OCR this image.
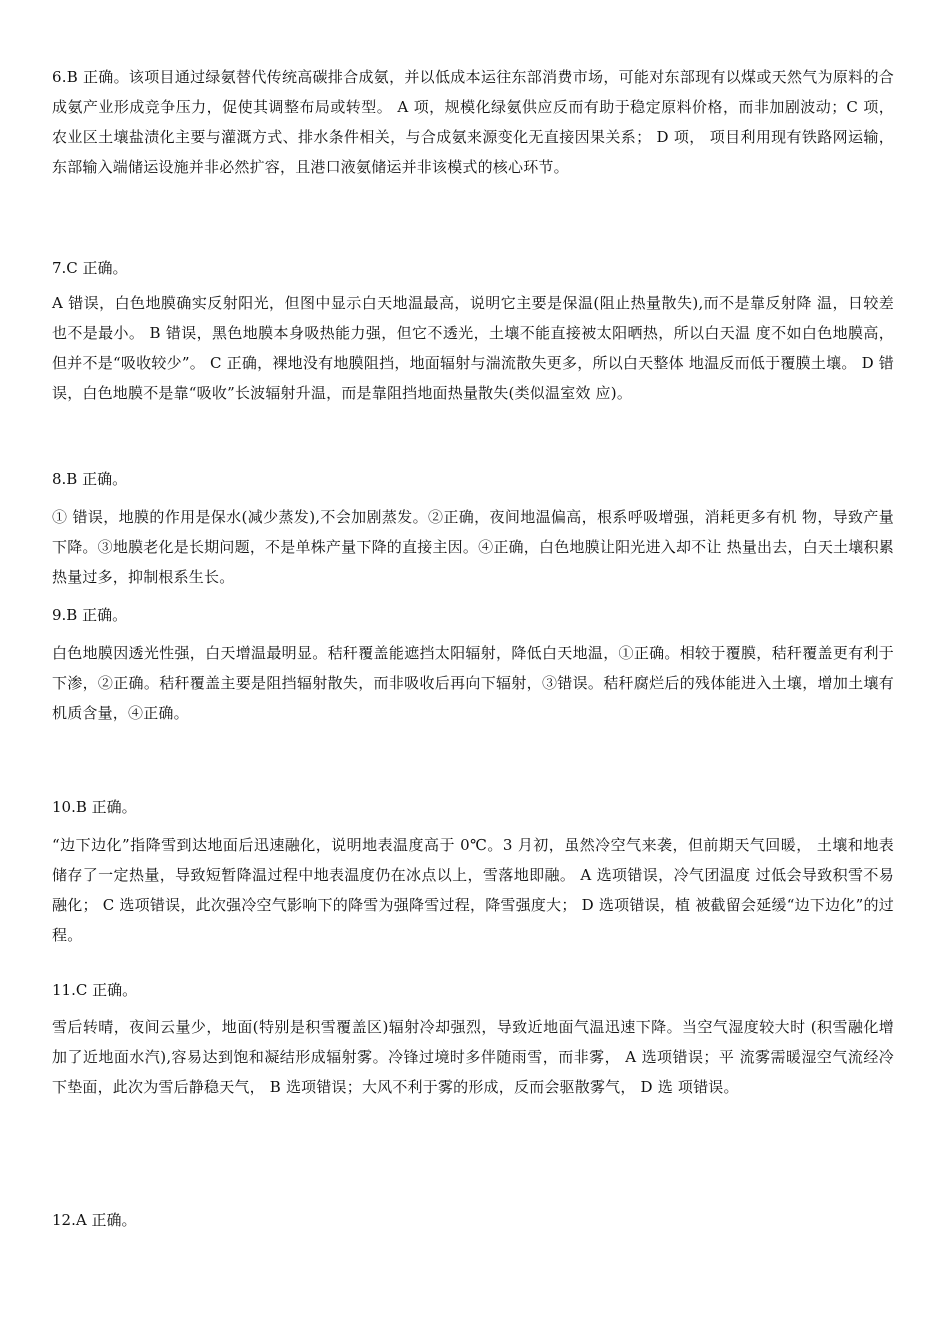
6.B 正确。该项目通过绿氨替代传统高碳排合成氨，并以低成本运往东部消费市场，可能对东部现有以煤或天然气为原料的合成氨产业形成竞争压力，促使其调整布局或转型。 A 项，规模化绿氨供应反而有助于稳定原料价格，而非加剧波动；C 项，农业区土壤盐渍化主要与灌溉方式、排水条件相关，与合成氨来源变化无直接因果关系； D 项， 项目利用现有铁路网运输，东部输入端储运设施并非必然扩容，且港口液氨储运并非该模式的核心环节。

7.C 正确。

A 错误，白色地膜确实反射阳光，但图中显示白天地温最高，说明它主要是保温(阻止热量散失),而不是靠反射降 温，日较差也不是最小。 B 错误，黑色地膜本身吸热能力强，但它不透光，土壤不能直接被太阳晒热，所以白天温 度不如白色地膜高，但并不是“吸收较少”。 C 正确，裸地没有地膜阻挡，地面辐射与湍流散失更多，所以白天整体 地温反而低于覆膜土壤。 D 错误，白色地膜不是靠“吸收”长波辐射升温，而是靠阻挡地面热量散失(类似温室效 应)。

8.B 正确。

① 错误，地膜的作用是保水(减少蒸发),不会加剧蒸发。②正确，夜间地温偏高，根系呼吸增强，消耗更多有机 物，导致产量下降。③地膜老化是长期问题，不是单株产量下降的直接主因。④正确，白色地膜让阳光进入却不让 热量出去，白天土壤积累热量过多，抑制根系生长。

9.B 正确。

白色地膜因透光性强，白天增温最明显。秸秆覆盖能遮挡太阳辐射，降低白天地温，①正确。相较于覆膜，秸秆覆盖更有利于下渗，②正确。秸秆覆盖主要是阻挡辐射散失，而非吸收后再向下辐射，③错误。秸秆腐烂后的残体能进入土壤，增加土壤有机质含量，④正确。

10.B 正确。

“边下边化”指降雪到达地面后迅速融化，说明地表温度高于 0℃。3 月初，虽然冷空气来袭，但前期天气回暖， 土壤和地表储存了一定热量，导致短暂降温过程中地表温度仍在冰点以上，雪落地即融。 A 选项错误，冷气团温度 过低会导致积雪不易融化； C 选项错误，此次强冷空气影响下的降雪为强降雪过程，降雪强度大； D 选项错误，植 被截留会延缓“边下边化”的过程。

11.C 正确。

雪后转晴，夜间云量少，地面(特别是积雪覆盖区)辐射冷却强烈，导致近地面气温迅速下降。当空气湿度较大时 (积雪融化增加了近地面水汽),容易达到饱和凝结形成辐射雾。冷锋过境时多伴随雨雪，而非雾， A 选项错误；平 流雾需暖湿空气流经冷下垫面，此次为雪后静稳天气， B 选项错误；大风不利于雾的形成，反而会驱散雾气， D 选 项错误。

12.A 正确。
